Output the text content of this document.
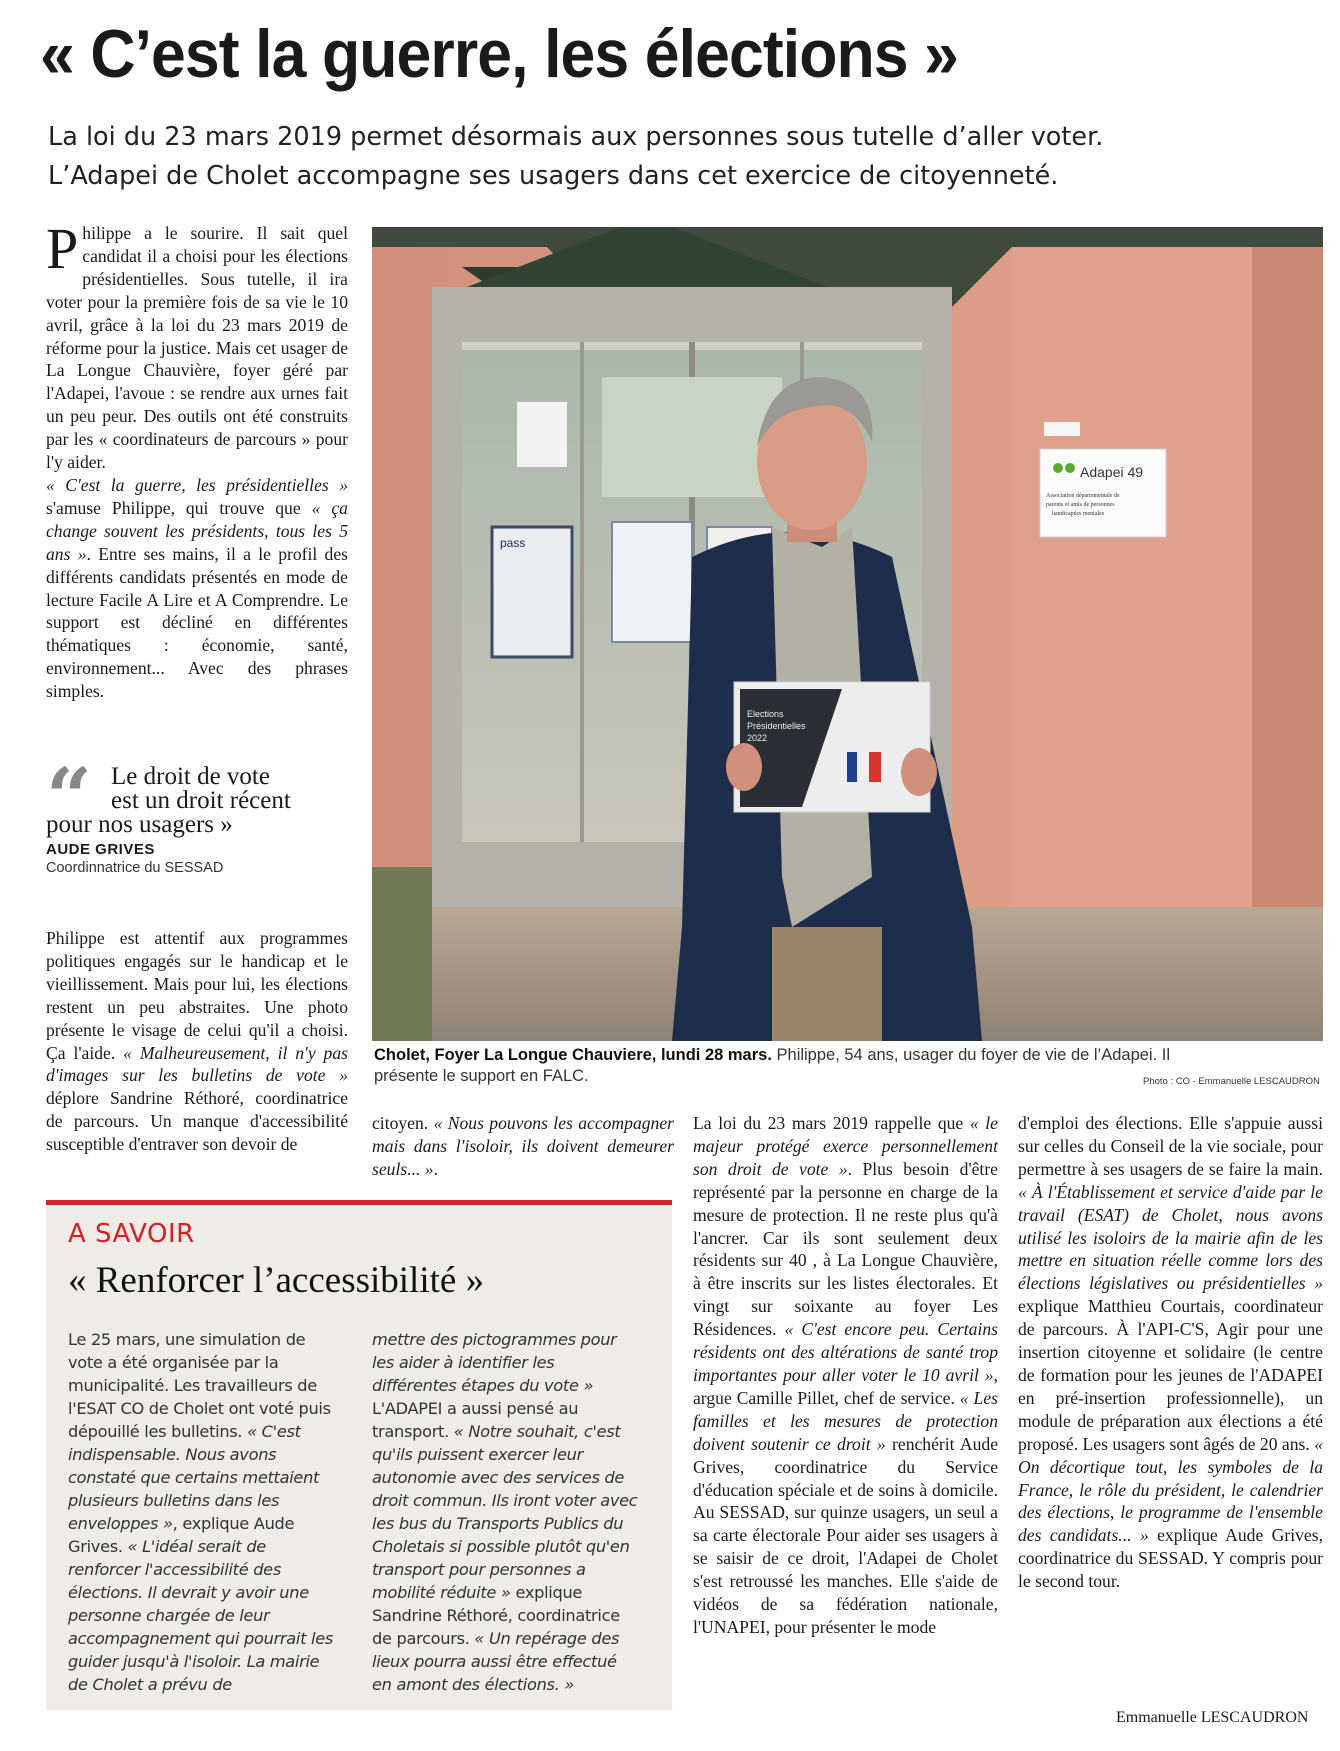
« C’est la guerre, les élections »
La loi du 23 mars 2019 permet désormais aux personnes sous tutelle d’aller voter.
L’Adapei de Cholet accompagne ses usagers dans cet exercice de citoyenneté.
Philippe a le sourire. Il sait quel candidat il a choisi pour les élections présidentielles. Sous tutelle, il ira voter pour la première fois de sa vie le 10 avril, grâce à la loi du 23 mars 2019 de réforme pour la justice. Mais cet usager de La Longue Chauvière, foyer géré par l'Adapei, l'avoue : se rendre aux urnes fait un peu peur. Des outils ont été construits par les « coordinateurs de parcours » pour l'y aider.
« C'est la guerre, les présidentielles » s'amuse Philippe, qui trouve que « ça change souvent les présidents, tous les 5 ans ». Entre ses mains, il a le profil des différents candidats présentés en mode de lecture Facile A Lire et A Comprendre. Le support est décliné en différentes thématiques : économie, santé, environnement... Avec des phrases simples.
“ Le droit de vote
est un droit récent
pour nos usagers »
AUDE GRIVES
Coordinnatrice du SESSAD
Philippe est attentif aux programmes politiques engagés sur le handicap et le vieillissement. Mais pour lui, les élections restent un peu abstraites. Une photo présente le visage de celui qu'il a choisi. Ça l'aide. « Malheureusement, il n'y pas d'images sur les bulletins de vote » déplore Sandrine Réthoré, coordinatrice de parcours. Un manque d'accessibilité susceptible d'entraver son devoir de
pass
Adapei 49
Association départementale de
parents et amis de personnes
handicapées mentales
Elections
Présidentielles
2022
Cholet, Foyer La Longue Chauviere, lundi 28 mars. Philippe, 54 ans, usager du foyer de vie de l’Adapei. Il présente le support en FALC.	Photo : CO - Emmanuelle LESCAUDRON
citoyen. « Nous pouvons les accompagner mais dans l'isoloir, ils doivent demeurer seuls... ».
La loi du 23 mars 2019 rappelle que « le majeur protégé exerce personnellement son droit de vote ». Plus besoin d'être représenté par la personne en charge de la mesure de protection. Il ne reste plus qu'à l'ancrer. Car ils sont seulement deux résidents sur 40 , à La Longue Chauvière, à être inscrits sur les listes électorales. Et vingt sur soixante au foyer Les Résidences. « C'est encore peu. Certains résidents ont des altérations de santé trop importantes pour aller voter le 10 avril », argue Camille Pillet, chef de service. « Les familles et les mesures de protection doivent soutenir ce droit » renchérit Aude Grives, coordinatrice du Service d'éducation spéciale et de soins à domicile. Au SESSAD, sur quinze usagers, un seul a sa carte électorale Pour aider ses usagers à se saisir de ce droit, l'Adapei de Cholet s'est retroussé les manches. Elle s'aide de vidéos de sa fédération nationale, l'UNAPEI, pour présenter le mode
d'emploi des élections. Elle s'appuie aussi sur celles du Conseil de la vie sociale, pour permettre à ses usagers de se faire la main. « À l'Établissement et service d'aide par le travail (ESAT) de Cholet, nous avons utilisé les isoloirs de la mairie afin de les mettre en situation réelle comme lors des élections législatives ou présidentielles » explique Matthieu Courtais, coordinateur de parcours. À l'API-C'S, Agir pour une insertion citoyenne et solidaire (le centre de formation pour les jeunes de l'ADAPEI en pré-insertion professionnelle), un module de préparation aux élections a été proposé. Les usagers sont âgés de 20 ans. « On décortique tout, les symboles de la France, le rôle du président, le calendrier des élections, le programme de l'ensemble des candidats... » explique Aude Grives, coordinatrice du SESSAD. Y compris pour le second tour.
A SAVOIR
« Renforcer l’accessibilité »
Le 25 mars, une simulation de vote a été organisée par la municipalité. Les travailleurs de l'ESAT CO de Cholet ont voté puis dépouillé les bulletins. « C'est indispensable. Nous avons constaté que certains mettaient plusieurs bulletins dans les enveloppes », explique Aude Grives. « L'idéal serait de renforcer l'accessibilité des élections. Il devrait y avoir une personne chargée de leur accompagnement qui pourrait les guider jusqu'à l'isoloir. La mairie de Cholet a prévu de
mettre des pictogrammes pour les aider à identifier les différentes étapes du vote »
L'ADAPEI a aussi pensé au transport. « Notre souhait, c'est qu'ils puissent exercer leur autonomie avec des services de droit commun. Ils iront voter avec les bus du Transports Publics du Choletais si possible plutôt qu'en transport pour personnes a mobilité réduite » explique Sandrine Réthoré, coordinatrice de parcours. « Un repérage des lieux pourra aussi être effectué en amont des élections. »
Emmanuelle LESCAUDRON
